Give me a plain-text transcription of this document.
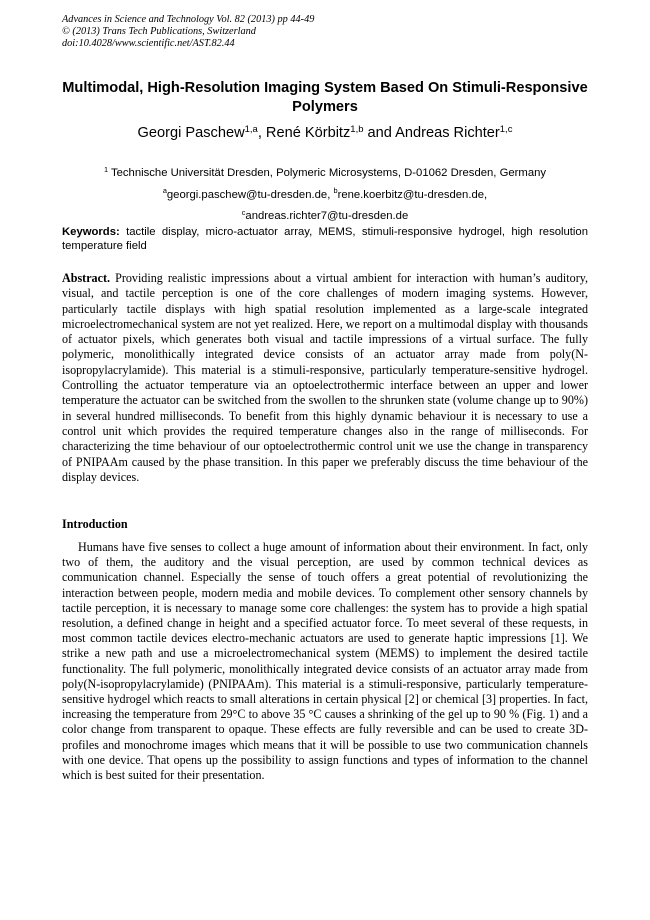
Advances in Science and Technology Vol. 82 (2013) pp 44-49
© (2013) Trans Tech Publications, Switzerland
doi:10.4028/www.scientific.net/AST.82.44
Multimodal, High-Resolution Imaging System Based On Stimuli-Responsive Polymers
Georgi Paschew$^{1,a}$, René Körbitz$^{1,b}$ and Andreas Richter$^{1,c}$
$^1$ Technische Universität Dresden, Polymeric Microsystems, D-01062 Dresden, Germany
$^a$georgi.paschew@tu-dresden.de, $^b$rene.koerbitz@tu-dresden.de,
$^c$andreas.richter7@tu-dresden.de
Keywords: tactile display, micro-actuator array, MEMS, stimuli-responsive hydrogel, high resolution temperature field
Abstract. Providing realistic impressions about a virtual ambient for interaction with human’s auditory, visual, and tactile perception is one of the core challenges of modern imaging systems. However, particularly tactile displays with high spatial resolution implemented as a large-scale integrated microelectromechanical system are not yet realized. Here, we report on a multimodal display with thousands of actuator pixels, which generates both visual and tactile impressions of a virtual surface. The fully polymeric, monolithically integrated device consists of an actuator array made from poly(N-isopropylacrylamide). This material is a stimuli-responsive, particularly temperature-sensitive hydrogel. Controlling the actuator temperature via an optoelectrothermic interface between an upper and lower temperature the actuator can be switched from the swollen to the shrunken state (volume change up to 90%) in several hundred milliseconds. To benefit from this highly dynamic behaviour it is necessary to use a control unit which provides the required temperature changes also in the range of milliseconds. For characterizing the time behaviour of our optoelectrothermic control unit we use the change in transparency of PNIPAAm caused by the phase transition. In this paper we preferably discuss the time behaviour of the display devices.
Introduction
Humans have five senses to collect a huge amount of information about their environment. In fact, only two of them, the auditory and the visual perception, are used by common technical devices as communication channel. Especially the sense of touch offers a great potential of revolutionizing the interaction between people, modern media and mobile devices. To complement other sensory channels by tactile perception, it is necessary to manage some core challenges: the system has to provide a high spatial resolution, a defined change in height and a specified actuator force. To meet several of these requests, in most common tactile devices electro-mechanic actuators are used to generate haptic impressions [1]. We strike a new path and use a microelectromechanical system (MEMS) to implement the desired tactile functionality. The full polymeric, monolithically integrated device consists of an actuator array made from poly(N-isopropylacrylamide) (PNIPAAm). This material is a stimuli-responsive, particularly temperature-sensitive hydrogel which reacts to small alterations in certain physical [2] or chemical [3] properties. In fact, increasing the temperature from 29°C to above 35 °C causes a shrinking of the gel up to 90 % (Fig. 1) and a color change from transparent to opaque. These effects are fully reversible and can be used to create 3D-profiles and monochrome images which means that it will be possible to use two communication channels with one device. That opens up the possibility to assign functions and types of information to the channel which is best suited for their presentation.
